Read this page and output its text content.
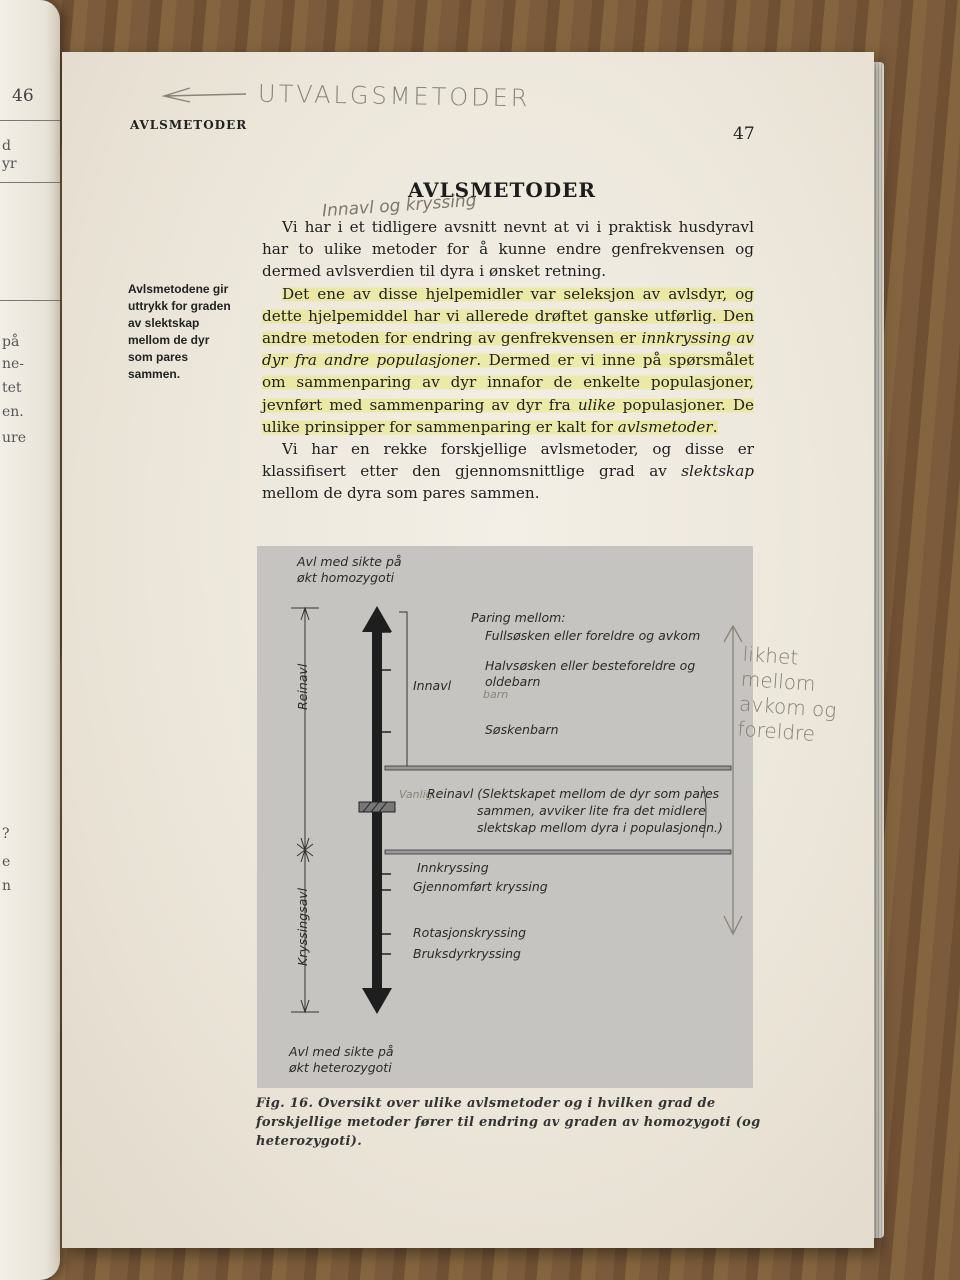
46
d
yr
på
ne-
tet
en.
ure
?
e
n
UTVALGSMETODER
AVLSMETODER	47
AVLSMETODER
Innavl og kryssing
Avlsmetodene gir uttrykk for graden av slektskap mellom de dyr som pares sammen.

Vi har i et tidligere avsnitt nevnt at vi i praktisk husdyravl har to ulike metoder for å kunne endre genfrekvensen og dermed avlsverdien til dyra i ønsket retning.

Det ene av disse hjelpemidler var seleksjon av avlsdyr, og dette hjelpemiddel har vi allerede drøftet ganske utførlig. Den andre metoden for endring av genfrekvensen er innkryssing av dyr fra andre populasjoner. Dermed er vi inne på spørsmålet om sammenparing av dyr innafor de enkelte populasjoner, jevnført med sammenparing av dyr fra ulike populasjoner. De ulike prinsipper for sammenparing er kalt for avlsmetoder.

Vi har en rekke forskjellige avlsmetoder, og disse er klassifisert etter den gjennomsnittlige grad av slektskap mellom de dyra som pares sammen.

Avl med sikte på
økt homozygoti
Reinavl
Kryssingsavl
Paring mellom:
Fullsøsken eller foreldre og avkom
Halvsøsken eller besteforeldre og oldebarn
Søskenbarn
Innavl
barn
Vanlig
Reinavl (Slektskapet mellom de dyr som pares
sammen, avviker lite fra det midlere
slektskap mellom dyra i populasjonen.)
Innkryssing
Gjennomført kryssing
Rotasjonskryssing
Bruksdyrkryssing
Avl med sikte på
økt heterozygoti
likhet
mellom
avkom og
foreldre
Fig. 16. Oversikt over ulike avlsmetoder og i hvilken grad de forskjellige metoder fører til endring av graden av homozygoti (og heterozygoti).
